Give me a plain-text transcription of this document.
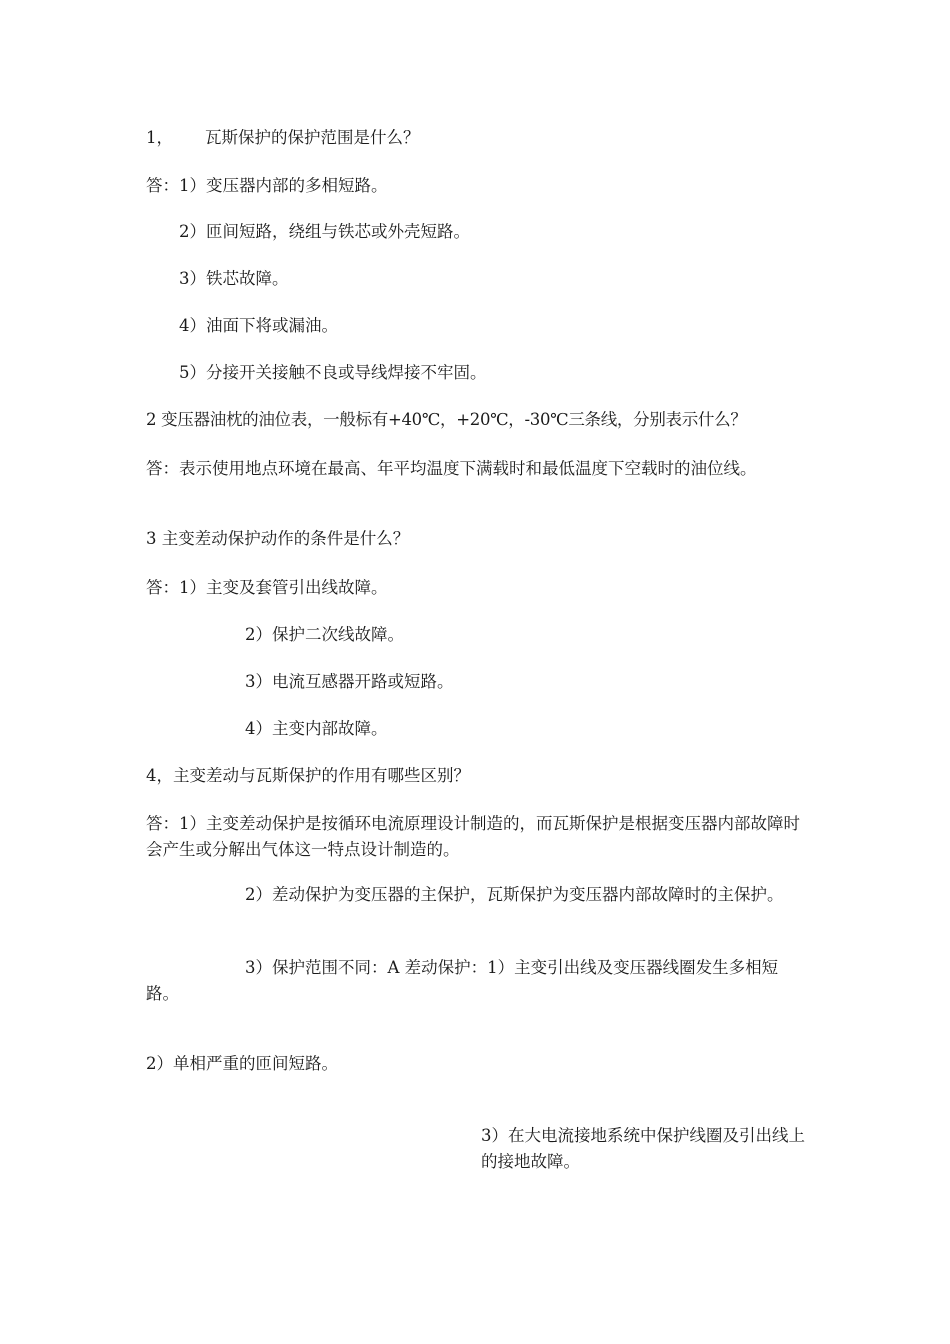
1， 瓦斯保护的保护范围是什么？
答：1）变压器内部的多相短路。
2）匝间短路，绕组与铁芯或外壳短路。
3）铁芯故障。
4）油面下将或漏油。
5）分接开关接触不良或导线焊接不牢固。
2 变压器油枕的油位表，一般标有+40℃，+20℃，-30℃三条线，分别表示什么？
答：表示使用地点环境在最高、年平均温度下满载时和最低温度下空载时的油位线。
3 主变差动保护动作的条件是什么？
答：1）主变及套管引出线故障。
2）保护二次线故障。
3）电流互感器开路或短路。
4）主变内部故障。
4，主变差动与瓦斯保护的作用有哪些区别？
答：1）主变差动保护是按循环电流原理设计制造的，而瓦斯保护是根据变压器内部故障时会产生或分解出气体这一特点设计制造的。
2）差动保护为变压器的主保护，瓦斯保护为变压器内部故障时的主保护。
3）保护范围不同：A 差动保护：1）主变引出线及变压器线圈发生多相短路。
2）单相严重的匝间短路。
3）在大电流接地系统中保护线圈及引出线上的接地故障。
